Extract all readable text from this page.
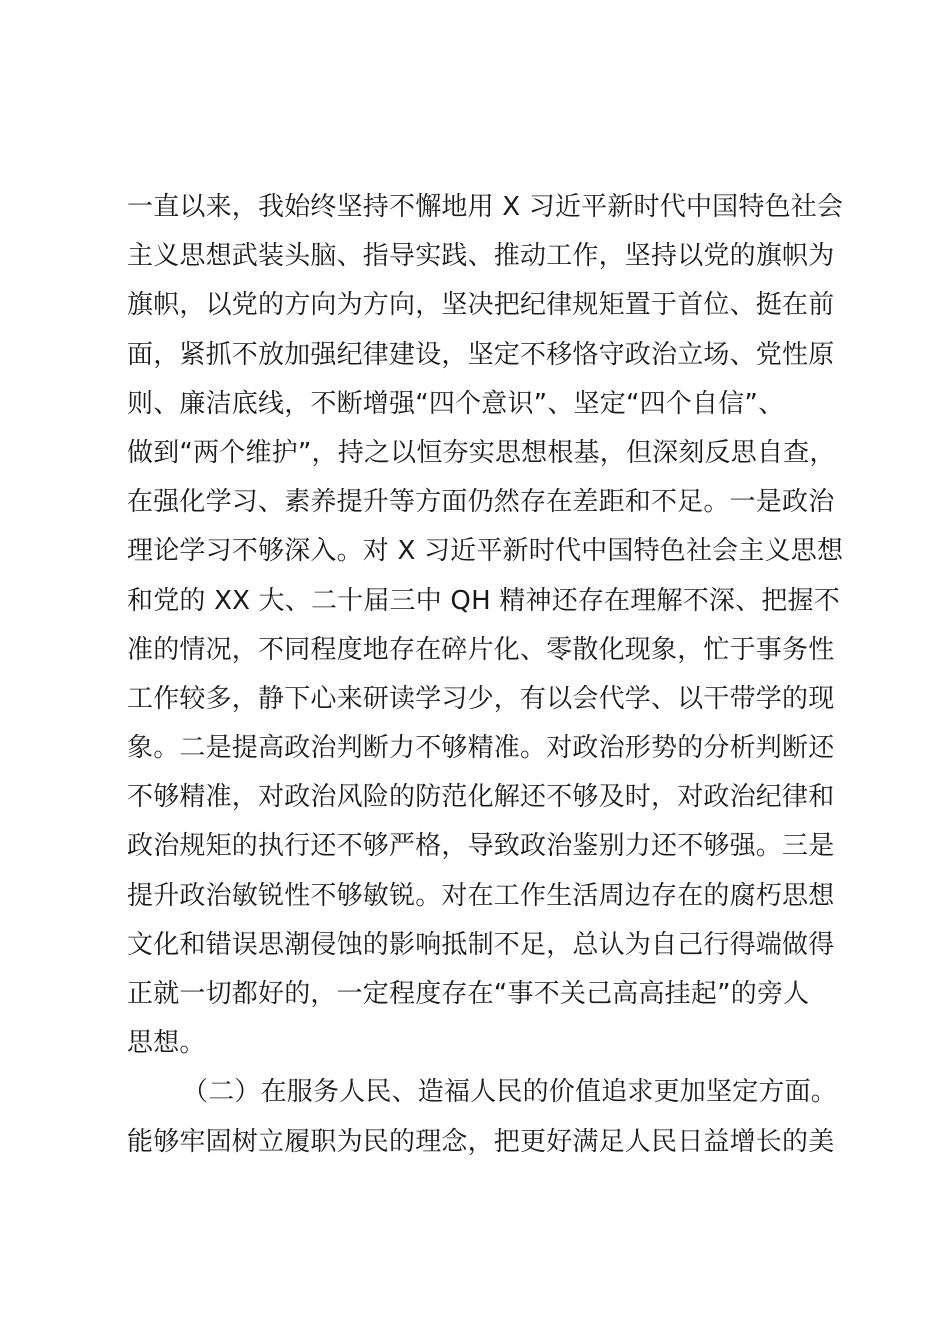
一直以来，我始终坚持不懈地用 X 习近平新时代中国特色社会
主义思想武装头脑、指导实践、推动工作，坚持以党的旗帜为
旗帜，以党的方向为方向，坚决把纪律规矩置于首位、挺在前
面，紧抓不放加强纪律建设，坚定不移恪守政治立场、党性原
则、廉洁底线，不断增强“四个意识”、坚定“四个自信”、
做到“两个维护”，持之以恒夯实思想根基，但深刻反思自查，
在强化学习、素养提升等方面仍然存在差距和不足。一是政治
理论学习不够深入。对 X 习近平新时代中国特色社会主义思想
和党的 XX 大、二十届三中 QH 精神还存在理解不深、把握不
准的情况，不同程度地存在碎片化、零散化现象，忙于事务性
工作较多，静下心来研读学习少，有以会代学、以干带学的现
象。二是提高政治判断力不够精准。对政治形势的分析判断还
不够精准，对政治风险的防范化解还不够及时，对政治纪律和
政治规矩的执行还不够严格，导致政治鉴别力还不够强。三是
提升政治敏锐性不够敏锐。对在工作生活周边存在的腐朽思想
文化和错误思潮侵蚀的影响抵制不足，总认为自己行得端做得
正就一切都好的，一定程度存在“事不关己高高挂起”的旁人
思想。
（二）在服务人民、造福人民的价值追求更加坚定方面。
能够牢固树立履职为民的理念，把更好满足人民日益增长的美
